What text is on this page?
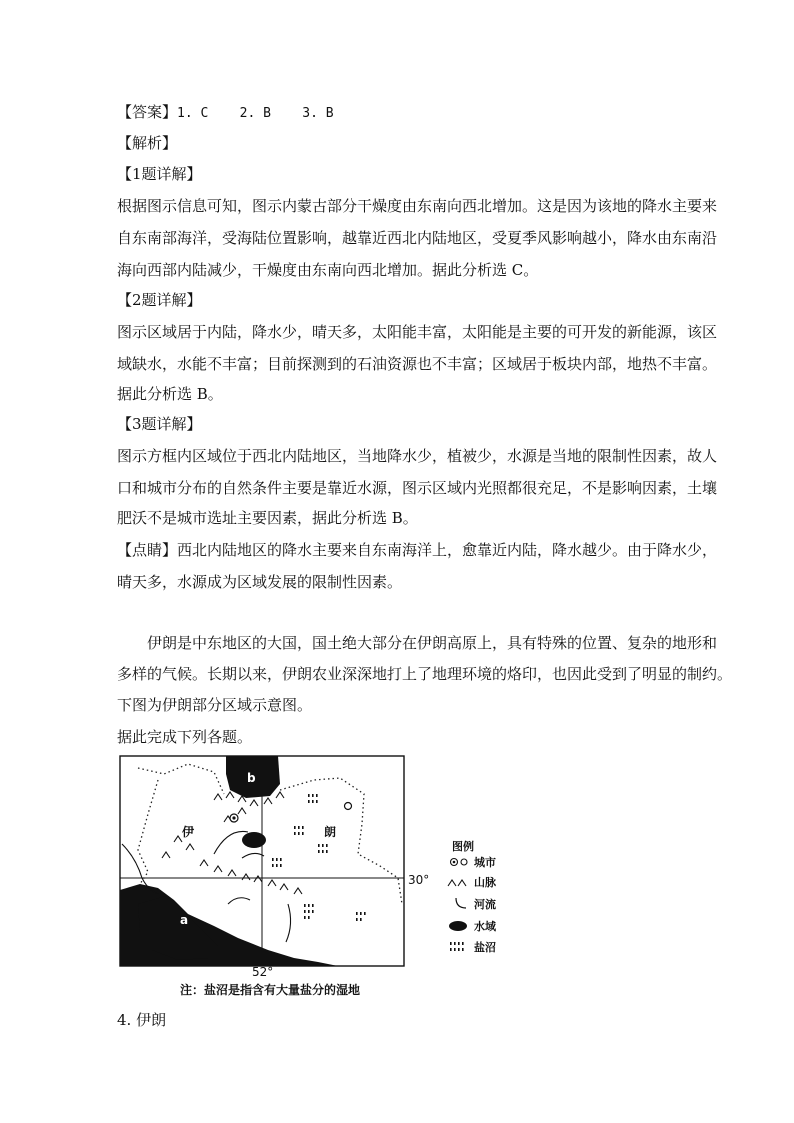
【答案】1. C    2. B    3. B
【解析】
【1题详解】
根据图示信息可知，图示内蒙古部分干燥度由东南向西北增加。这是因为该地的降水主要来
自东南部海洋，受海陆位置影响，越靠近西北内陆地区，受夏季风影响越小，降水由东南沿
海向西部内陆减少，干燥度由东南向西北增加。据此分析选 C。
【2题详解】
图示区域居于内陆，降水少，晴天多，太阳能丰富，太阳能是主要的可开发的新能源，该区
域缺水，水能不丰富；目前探测到的石油资源也不丰富；区域居于板块内部，地热不丰富。
据此分析选 B。
【3题详解】
图示方框内区域位于西北内陆地区，当地降水少，植被少，水源是当地的限制性因素，故人
口和城市分布的自然条件主要是靠近水源，图示区域内光照都很充足，不是影响因素，土壤
肥沃不是城市选址主要因素，据此分析选 B。
【点睛】西北内陆地区的降水主要来自东南海洋上，愈靠近内陆，降水越少。由于降水少，
晴天多，水源成为区域发展的限制性因素。
伊朗是中东地区的大国，国土绝大部分在伊朗高原上，具有特殊的位置、复杂的地形和
多样的气候。长期以来，伊朗农业深深地打上了地理环境的烙印，也因此受到了明显的制约。
下图为伊朗部分区域示意图。
据此完成下列各题。
b
a
伊	朗
30°
52°
图例
城市
山脉
河流
水域
盐沼
注：盐沼是指含有大量盐分的湿地
4. 伊朗
